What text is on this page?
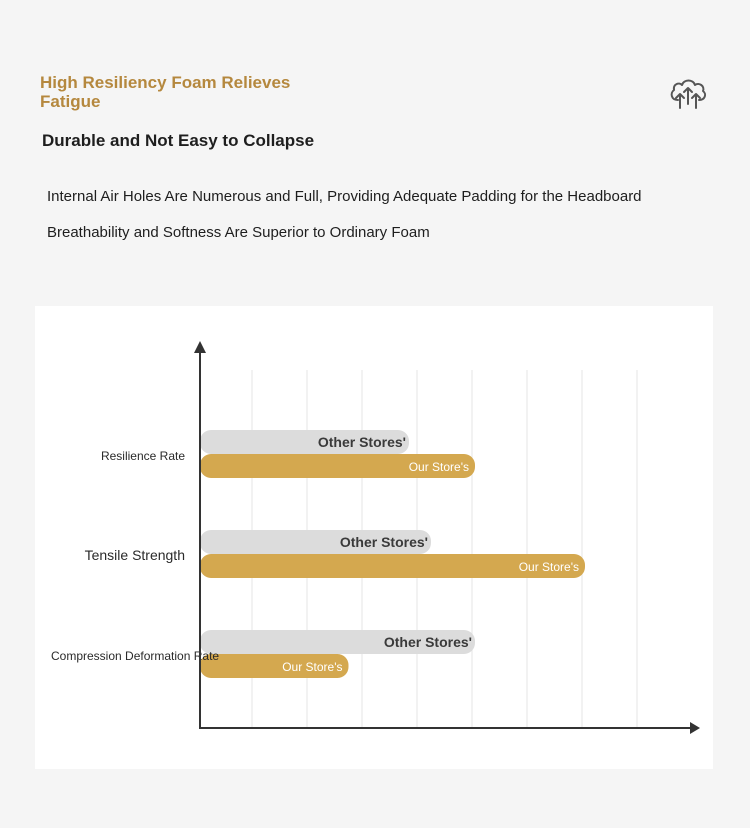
High Resiliency Foam Relieves Fatigue
Durable and Not Easy to Collapse
Internal Air Holes Are Numerous and Full, Providing Adequate Padding for the Headboard
Breathability and Softness Are Superior to Ordinary Foam
Other Stores'
Our Store's
Resilience Rate
Other Stores'
Our Store's
Tensile Strength
Other Stores'
Our Store's
Compression Deformation Rate
